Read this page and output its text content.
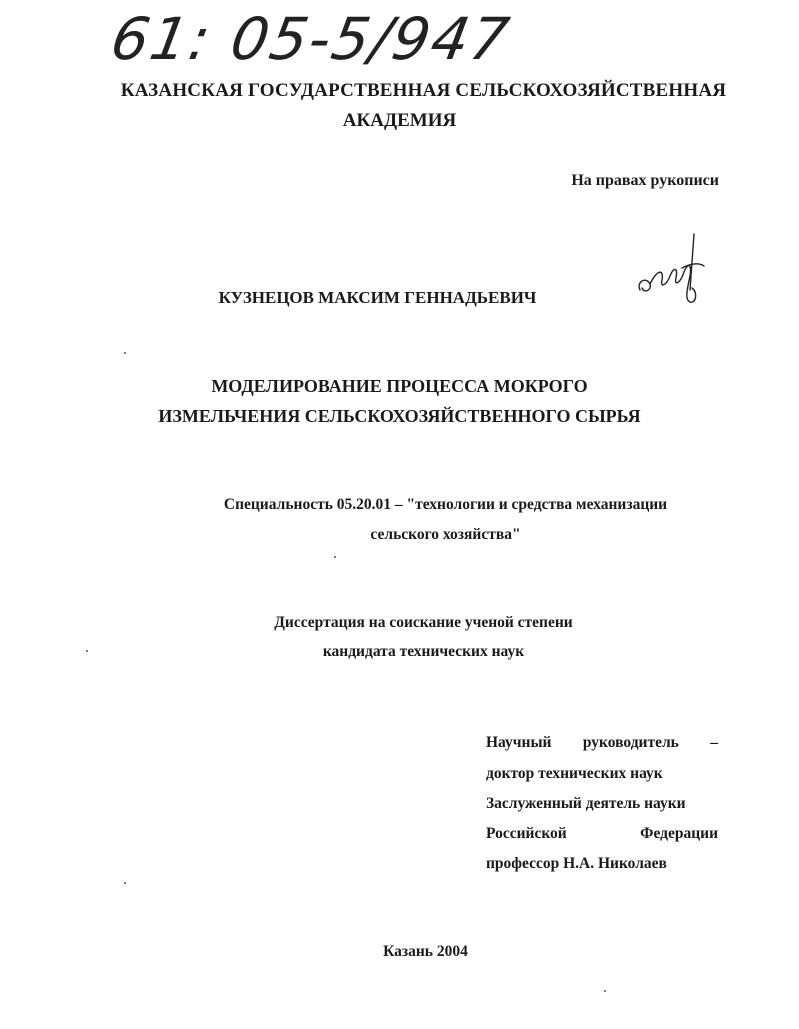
61: 05-5/947
КАЗАНСКАЯ ГОСУДАРСТВЕННАЯ СЕЛЬСКОХОЗЯЙСТВЕННАЯ
АКАДЕМИЯ
На правах рукописи
КУЗНЕЦОВ МАКСИМ ГЕННАДЬЕВИЧ
МОДЕЛИРОВАНИЕ ПРОЦЕССА МОКРОГО
ИЗМЕЛЬЧЕНИЯ СЕЛЬСКОХОЗЯЙСТВЕННОГО СЫРЬЯ
Специальность 05.20.01 – "технологии и средства механизации
сельского хозяйства"
Диссертация на соискание ученой степени
кандидата технических наук
Научный руководитель –
доктор технических наук
Заслуженный деятель науки
Российской	Федерации
профессор Н.А. Николаев
Казань 2004
